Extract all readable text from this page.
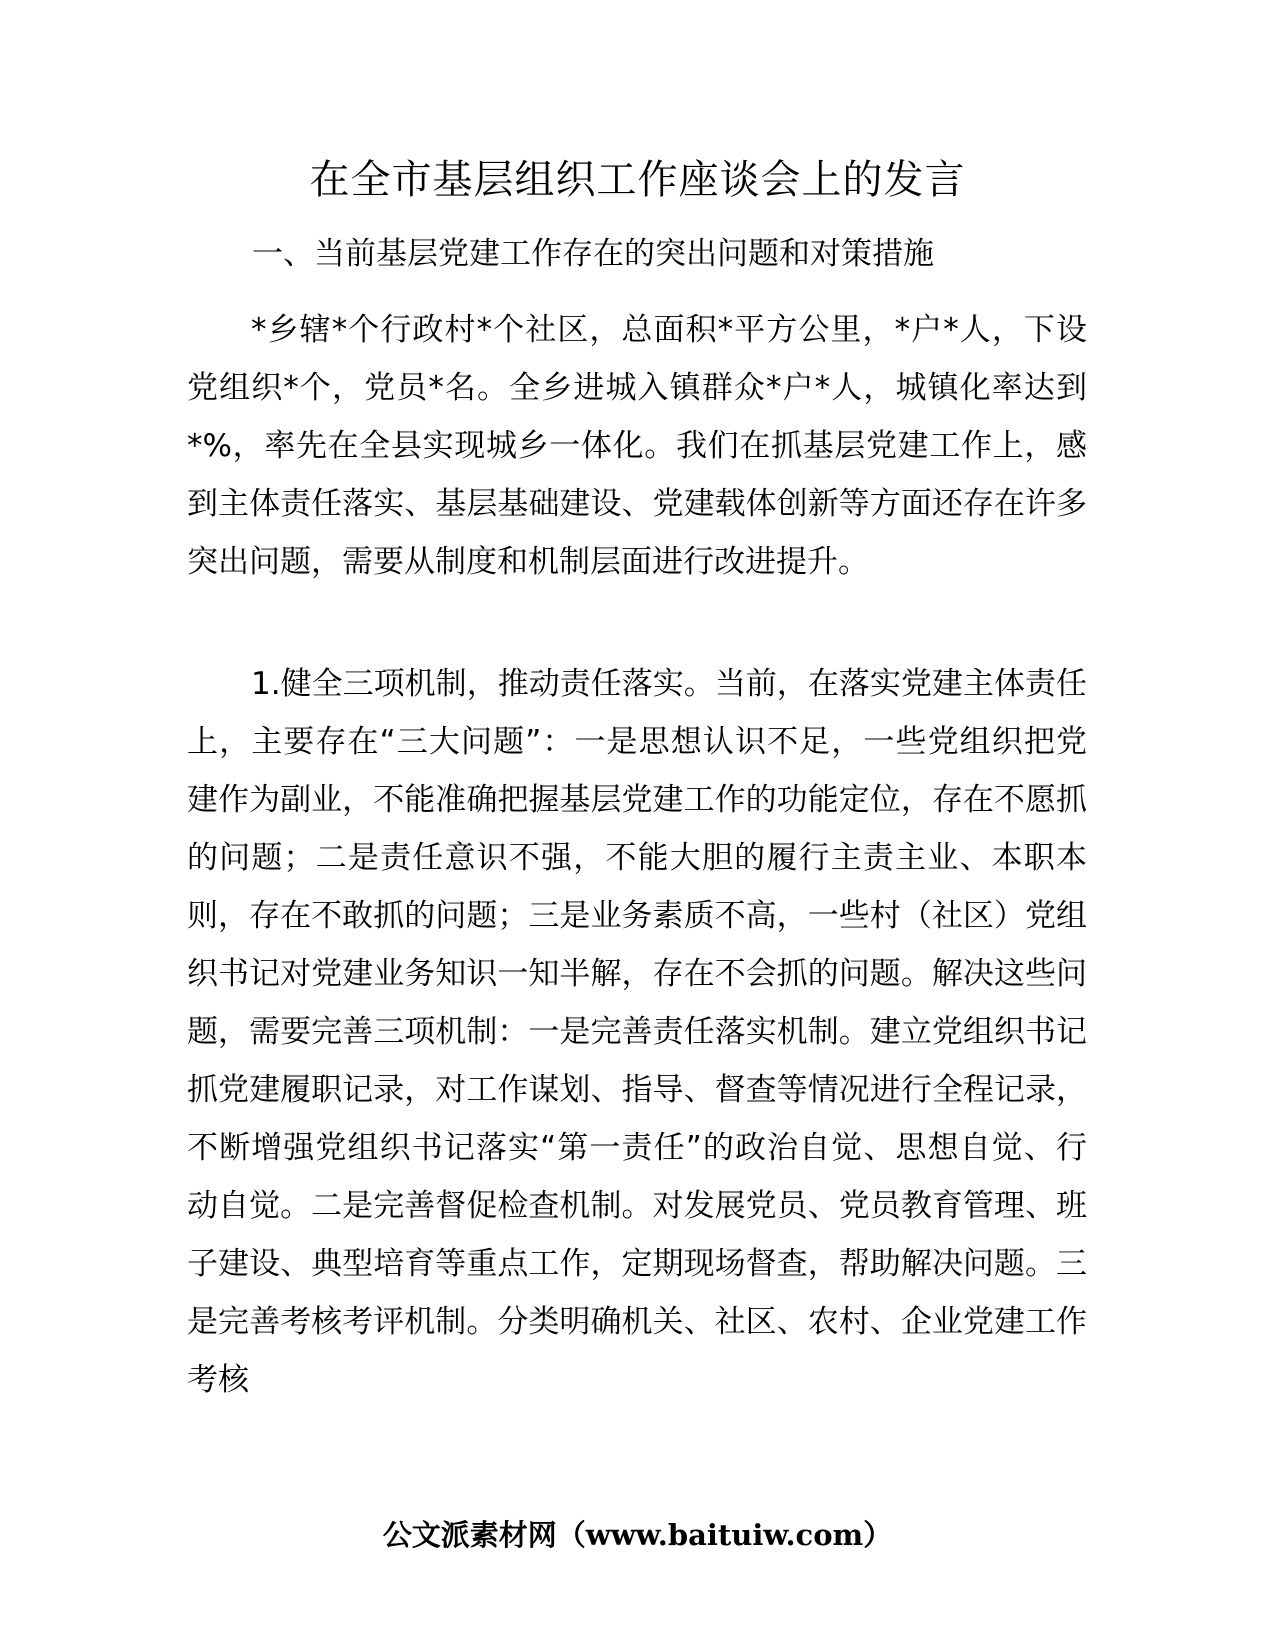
在全市基层组织工作座谈会上的发言
一、当前基层党建工作存在的突出问题和对策措施

*乡辖*个行政村*个社区，总面积*平方公里，*户*人，下设党组织*个，党员*名。全乡进城入镇群众*户*人，城镇化率达到*%，率先在全县实现城乡一体化。我们在抓基层党建工作上，感到主体责任落实、基层基础建设、党建载体创新等方面还存在许多突出问题，需要从制度和机制层面进行改进提升。

1.健全三项机制，推动责任落实。当前，在落实党建主体责任上，主要存在“三大问题”：一是思想认识不足，一些党组织把党建作为副业，不能准确把握基层党建工作的功能定位，存在不愿抓的问题；二是责任意识不强，不能大胆的履行主责主业、本职本则，存在不敢抓的问题；三是业务素质不高，一些村（社区）党组织书记对党建业务知识一知半解，存在不会抓的问题。解决这些问题，需要完善三项机制：一是完善责任落实机制。建立党组织书记抓党建履职记录，对工作谋划、指导、督查等情况进行全程记录，不断增强党组织书记落实“第一责任”的政治自觉、思想自觉、行动自觉。二是完善督促检查机制。对发展党员、党员教育管理、班子建设、典型培育等重点工作，定期现场督查，帮助解决问题。三是完善考核考评机制。分类明确机关、社区、农村、企业党建工作考核

公文派素材网（www.baituiw.com）
